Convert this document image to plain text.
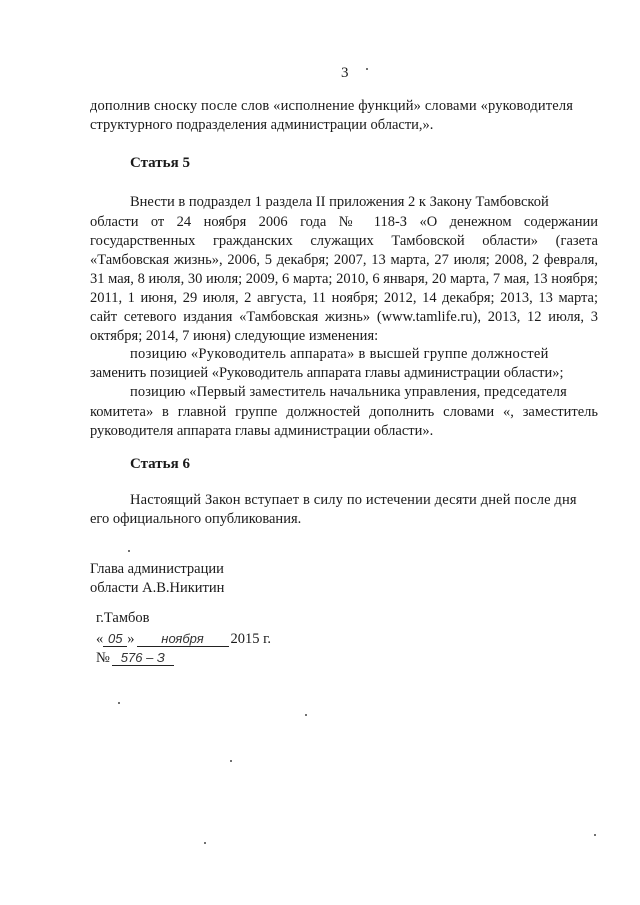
3
дополнив сноску после слов «исполнение функций» словами «руководителя
структурного подразделения администрации области,».
Статья 5
Внести в подраздел 1 раздела II приложения 2 к Закону Тамбовской

области от 24 ноября 2006 года № 118-З «О денежном содержании государственных гражданских служащих Тамбовской области» (газета «Тамбовская жизнь», 2006, 5 декабря; 2007, 13 марта, 27 июля; 2008, 2 февраля, 31 мая, 8 июля, 30 июля; 2009, 6 марта; 2010, 6 января, 20 марта, 7 мая, 13 ноября; 2011, 1 июня, 29 июля, 2 августа, 11 ноября; 2012, 14 декабря; 2013, 13 марта; сайт сетевого издания «Тамбовская жизнь» (www.tamlife.ru), 2013, 12 июля, 3 октября; 2014, 7 июня) следующие изменения:

позицию «Руководитель аппарата» в высшей группе должностей
заменить позицией «Руководитель аппарата главы администрации области»;
позицию «Первый заместитель начальника управления, председателя

комитета» в главной группе должностей дополнить словами «, заместитель руководителя аппарата главы администрации области».

Статья 6
Настоящий Закон вступает в силу по истечении десяти дней после дня
его официального опубликования.
Глава администрации
области А.В.Никитин
г.Тамбов
« 05 » ноября 2015 г.
№ 576 – З
